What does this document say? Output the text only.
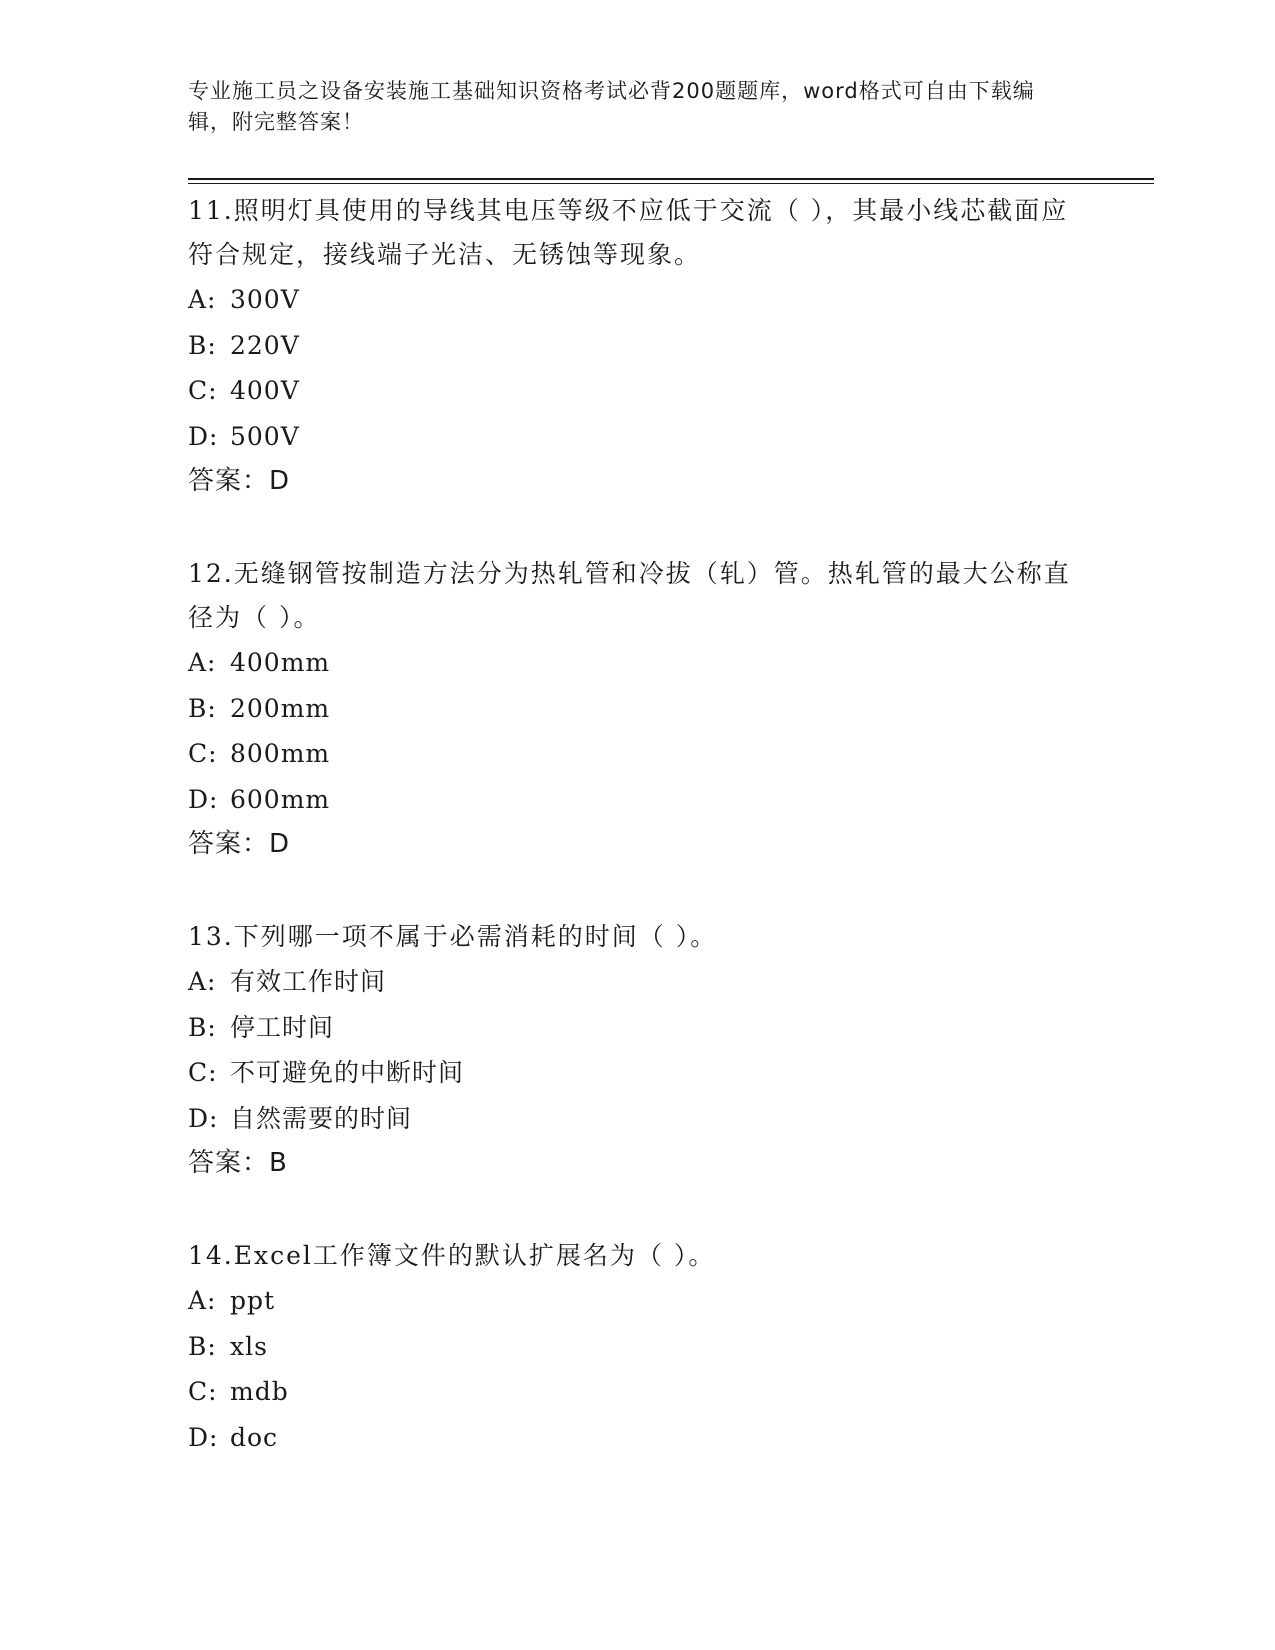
专业施工员之设备安装施工基础知识资格考试必背200题题库，word格式可自由下载编辑，附完整答案！

11.照明灯具使用的导线其电压等级不应低于交流（ ），其最小线芯截面应符合规定，接线端子光洁、无锈蚀等现象。

A: 300V

B: 220V

C: 400V

D: 500V

答案：D

12.无缝钢管按制造方法分为热轧管和冷拔（轧）管。热轧管的最大公称直径为（ ）。

A: 400mm

B: 200mm

C: 800mm

D: 600mm

答案：D

13.下列哪一项不属于必需消耗的时间（ ）。

A: 有效工作时间

B: 停工时间

C: 不可避免的中断时间

D: 自然需要的时间

答案：B

14.Excel工作簿文件的默认扩展名为（ ）。

A: ppt

B: xls

C: mdb

D: doc
